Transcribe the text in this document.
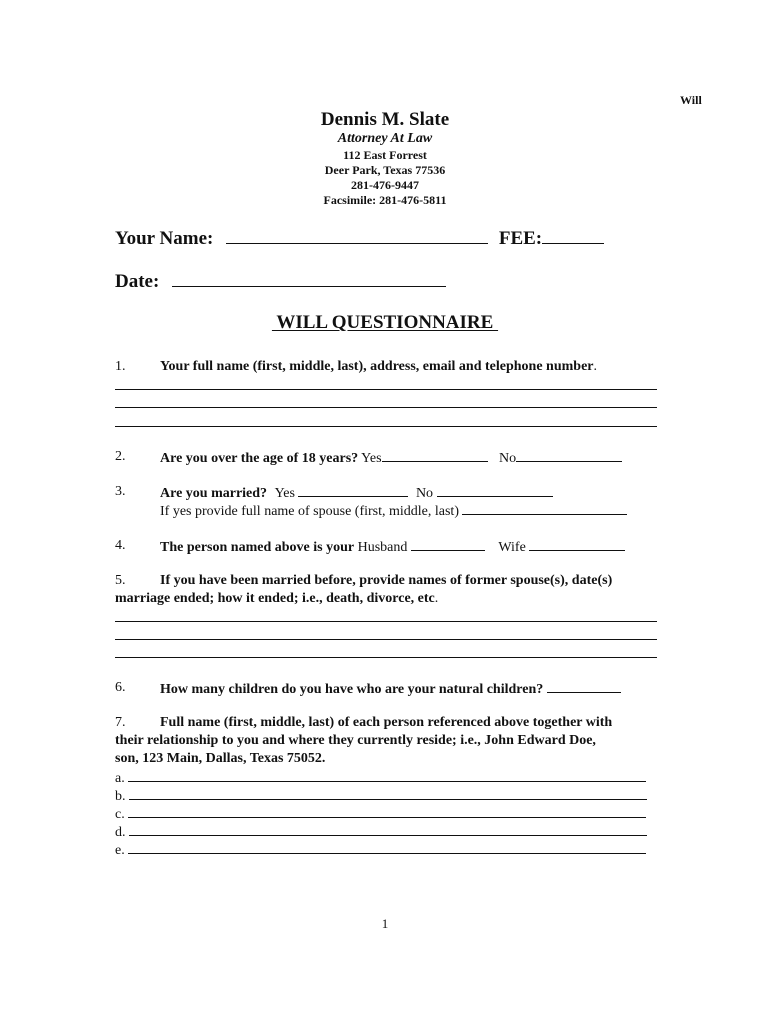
Will
Dennis M. Slate
Attorney At Law
112 East Forrest
Deer Park, Texas 77536
281-476-9447
Facsimile: 281-476-5811
Your Name:	FEE:
Date:
WILL QUESTIONNAIRE
1. Your full name (first, middle, last), address, email and telephone number.
2. Are you over the age of 18 years? Yes	No
3. Are you married? Yes	No
If yes provide full name of spouse (first, middle, last)
4. The person named above is your Husband	Wife
5. If you have been married before, provide names of former spouse(s), date(s)
marriage ended; how it ended; i.e., death, divorce, etc.
6. How many children do you have who are your natural children?
7. Full name (first, middle, last) of each person referenced above together with
their relationship to you and where they currently reside; i.e., John Edward Doe,
son, 123 Main, Dallas, Texas 75052.
a.
b.
c.
d.
e.
1
